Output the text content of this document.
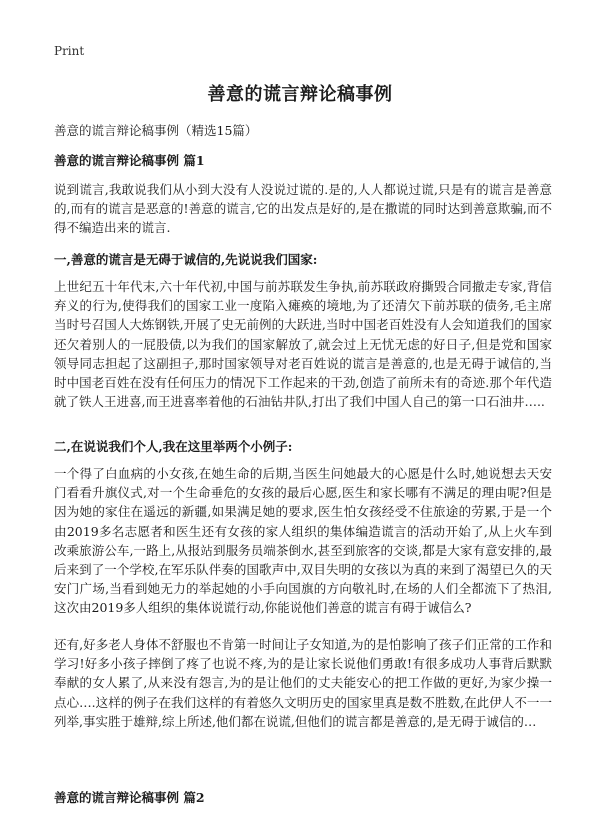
Print
善意的谎言辩论稿事例

善意的谎言辩论稿事例（精选15篇）

善意的谎言辩论稿事例 篇1

说到谎言,我敢说我们从小到大没有人没说过谎的.是的,人人都说过谎,只是有的谎言是善意的,而有的谎言是恶意的!善意的谎言,它的出发点是好的,是在撒谎的同时达到善意欺骗,而不得不编造出来的谎言.

一,善意的谎言是无碍于诚信的,先说说我们国家:

上世纪五十年代末,六十年代初,中国与前苏联发生争执,前苏联政府撕毁合同撤走专家,背信弃义的行为,使得我们的国家工业一度陷入瘫痪的境地,为了还清欠下前苏联的债务,毛主席当时号召国人大炼钢铁,开展了史无前例的大跃进,当时中国老百姓没有人会知道我们的国家还欠着别人的一屁股债,以为我们的国家解放了,就会过上无忧无虑的好日子,但是党和国家领导同志担起了这副担子,那时国家领导对老百姓说的谎言是善意的,也是无碍于诚信的,当时中国老百姓在没有任何压力的情况下工作起来的干劲,创造了前所未有的奇迹.那个年代造就了铁人王进喜,而王进喜率着他的石油钻井队,打出了我们中国人自己的第一口石油井…..

二,在说说我们个人,我在这里举两个小例子:

一个得了白血病的小女孩,在她生命的后期,当医生问她最大的心愿是什么时,她说想去天安门看看升旗仪式,对一个生命垂危的女孩的最后心愿,医生和家长哪有不满足的理由呢?但是因为她的家住在遥远的新疆,如果满足她的要求,医生怕女孩经受不住旅途的劳累,于是一个由2019多名志愿者和医生还有女孩的家人组织的集体编造谎言的活动开始了,从上火车到改乘旅游公车,一路上,从报站到服务员端茶倒水,甚至到旅客的交谈,都是大家有意安排的,最后来到了一个学校,在军乐队伴奏的国歌声中,双目失明的女孩以为真的来到了渴望已久的天安门广场,当看到她无力的举起她的小手向国旗的方向敬礼时,在场的人们全都流下了热泪,这次由2019多人组织的集体说谎行动,你能说他们善意的谎言有碍于诚信么?

还有,好多老人身体不舒服也不肯第一时间让子女知道,为的是怕影响了孩子们正常的工作和学习!好多小孩子摔倒了疼了也说不疼,为的是让家长说他们勇敢!有很多成功人事背后默默奉献的女人累了,从来没有怨言,为的是让他们的丈夫能安心的把工作做的更好,为家少操一点心….这样的例子在我们这样的有着悠久文明历史的国家里真是数不胜数,在此伊人不一一列举,事实胜于雄辩,综上所述,他们都在说谎,但他们的谎言都是善意的,是无碍于诚信的…

善意的谎言辩论稿事例 篇2
